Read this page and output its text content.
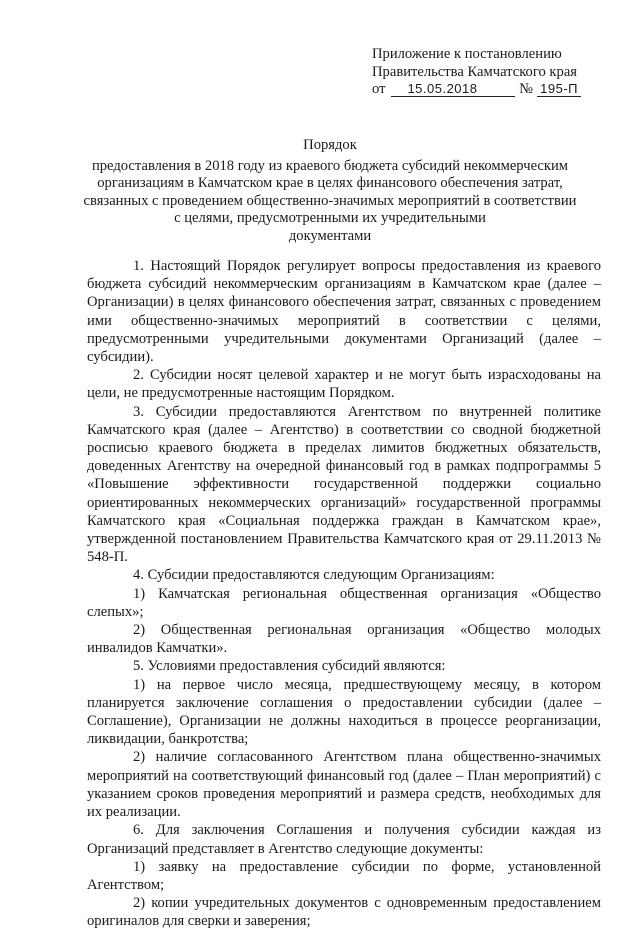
Приложение к постановлению
Правительства Камчатского края
от 15.05.2018	№ 195-П
Порядок
предоставления в 2018 году из краевого бюджета субсидий некоммерческим
организациям в Камчатском крае в целях финансового обеспечения затрат,
связанных с проведением общественно-значимых мероприятий в соответствии
с целями, предусмотренными их учредительными
документами

1. Настоящий Порядок регулирует вопросы предоставления из краевого бюджета субсидий некоммерческим организациям в Камчатском крае (далее – Организации) в целях финансового обеспечения затрат, связанных с проведением ими общественно-значимых мероприятий в соответствии с целями, предусмотренными учредительными документами Организаций (далее –субсидии).

2. Субсидии носят целевой характер и не могут быть израсходованы на цели, не предусмотренные настоящим Порядком.

3. Субсидии предоставляются Агентством по внутренней политике Камчатского края (далее – Агентство) в соответствии со сводной бюджетной росписью краевого бюджета в пределах лимитов бюджетных обязательств, доведенных Агентству на очередной финансовый год в рамках подпрограммы 5 «Повышение эффективности государственной поддержки социально ориентированных некоммерческих организаций» государственной программы Камчатского края «Социальная поддержка граждан в Камчатском крае», утвержденной постановлением Правительства Камчатского края от 29.11.2013 № 548-П.

4. Субсидии предоставляются следующим Организациям:

1) Камчатская региональная общественная организация «Общество слепых»;

2) Общественная региональная организация «Общество молодых инвалидов Камчатки».

5. Условиями предоставления субсидий являются:

1) на первое число месяца, предшествующему месяцу, в котором планируется заключение соглашения о предоставлении субсидии (далее – Соглашение), Организации не должны находиться в процессе реорганизации, ликвидации, банкротства;

2) наличие согласованного Агентством плана общественно-значимых мероприятий на соответствующий финансовый год (далее – План мероприятий) с указанием сроков проведения мероприятий и размера средств, необходимых для их реализации.

6. Для заключения Соглашения и получения субсидии каждая из Организаций представляет в Агентство следующие документы:

1) заявку на предоставление субсидии по форме, установленной Агентством;

2) копии учредительных документов с одновременным предоставлением оригиналов для сверки и заверения;
